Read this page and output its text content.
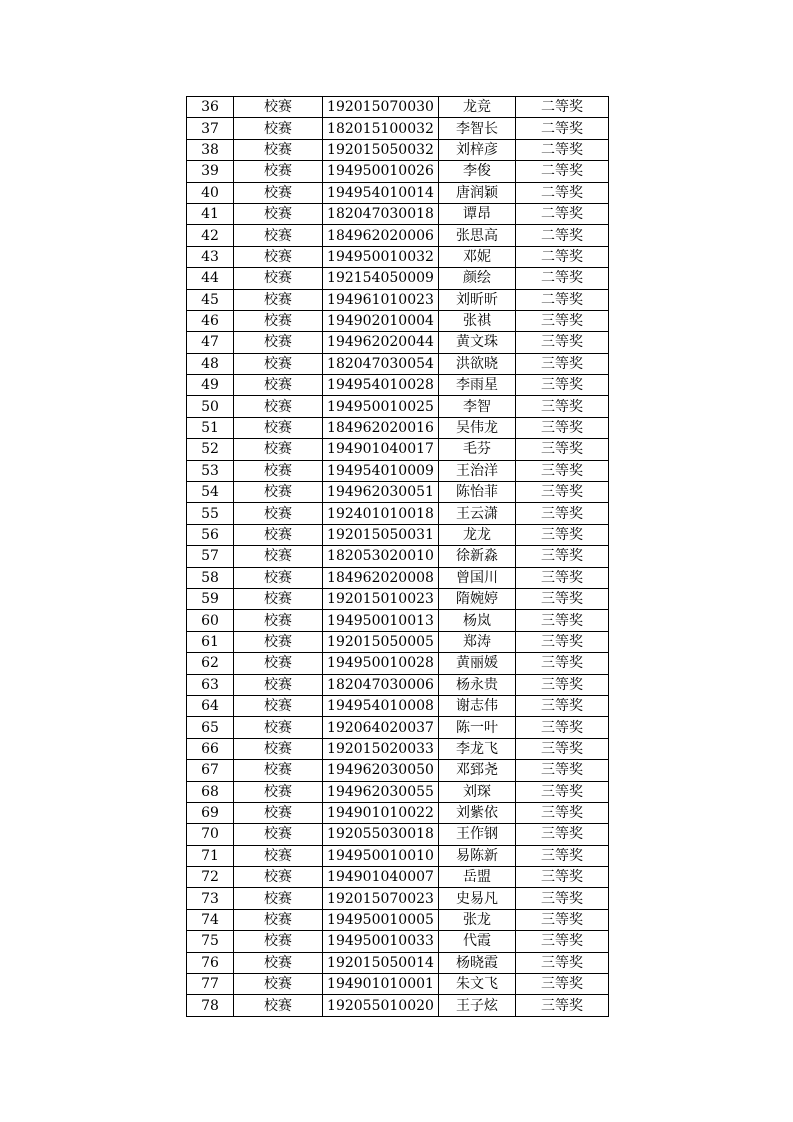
36	校赛	192015070030	龙竞	二等奖
37	校赛	182015100032	李智长	二等奖
38	校赛	192015050032	刘梓彦	二等奖
39	校赛	194950010026	李俊	二等奖
40	校赛	194954010014	唐润颖	二等奖
41	校赛	182047030018	谭昂	二等奖
42	校赛	184962020006	张思高	二等奖
43	校赛	194950010032	邓妮	二等奖
44	校赛	192154050009	颜绘	二等奖
45	校赛	194961010023	刘昕昕	二等奖
46	校赛	194902010004	张祺	三等奖
47	校赛	194962020044	黄文珠	三等奖
48	校赛	182047030054	洪欲晓	三等奖
49	校赛	194954010028	李雨星	三等奖
50	校赛	194950010025	李智	三等奖
51	校赛	184962020016	吴伟龙	三等奖
52	校赛	194901040017	毛芬	三等奖
53	校赛	194954010009	王治洋	三等奖
54	校赛	194962030051	陈怡菲	三等奖
55	校赛	192401010018	王云潇	三等奖
56	校赛	192015050031	龙龙	三等奖
57	校赛	182053020010	徐新淼	三等奖
58	校赛	184962020008	曾国川	三等奖
59	校赛	192015010023	隋婉婷	三等奖
60	校赛	194950010013	杨岚	三等奖
61	校赛	192015050005	郑涛	三等奖
62	校赛	194950010028	黄丽媛	三等奖
63	校赛	182047030006	杨永贵	三等奖
64	校赛	194954010008	谢志伟	三等奖
65	校赛	192064020037	陈一叶	三等奖
66	校赛	192015020033	李龙飞	三等奖
67	校赛	194962030050	邓郅尧	三等奖
68	校赛	194962030055	刘琛	三等奖
69	校赛	194901010022	刘紫依	三等奖
70	校赛	192055030018	王作钢	三等奖
71	校赛	194950010010	易陈新	三等奖
72	校赛	194901040007	岳盟	三等奖
73	校赛	192015070023	史易凡	三等奖
74	校赛	194950010005	张龙	三等奖
75	校赛	194950010033	代霞	三等奖
76	校赛	192015050014	杨晓霞	三等奖
77	校赛	194901010001	朱文飞	三等奖
78	校赛	192055010020	王子炫	三等奖
